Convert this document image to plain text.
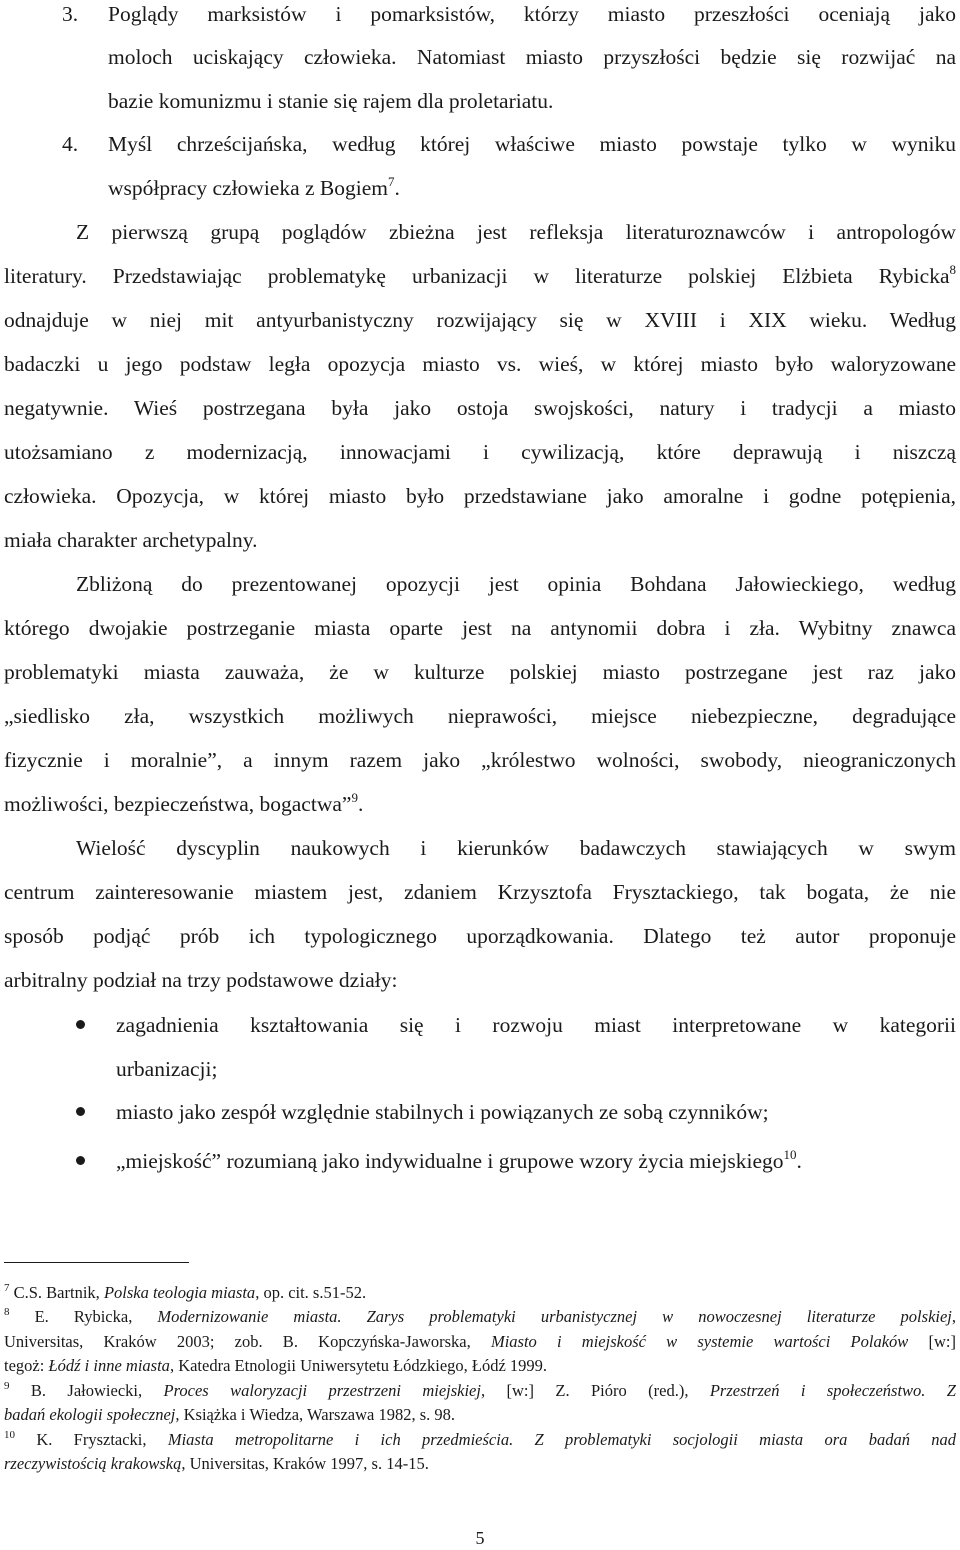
3. Poglądy marksistów i pomarksistów, którzy miasto przeszłości oceniają jako
moloch uciskający człowieka. Natomiast miasto przyszłości będzie się rozwijać na
bazie komunizmu i stanie się rajem dla proletariatu.
4. Myśl chrześcijańska, według której właściwe miasto powstaje tylko w wyniku
współpracy człowieka z Bogiem$^7$.
Z pierwszą grupą poglądów zbieżna jest refleksja literaturoznawców i antropologów
literatury. Przedstawiając problematykę urbanizacji w literaturze polskiej Elżbieta Rybicka$^8$
odnajduje w niej mit antyurbanistyczny rozwijający się w XVIII i XIX wieku. Według
badaczki u jego podstaw legła opozycja miasto vs. wieś, w której miasto było waloryzowane
negatywnie. Wieś postrzegana była jako ostoja swojskości, natury i tradycji a miasto
utożsamiano z modernizacją, innowacjami i cywilizacją, które deprawują i niszczą
człowieka. Opozycja, w której miasto było przedstawiane jako amoralne i godne potępienia,
miała charakter archetypalny.
Zbliżoną do prezentowanej opozycji jest opinia Bohdana Jałowieckiego, według
którego dwojakie postrzeganie miasta oparte jest na antynomii dobra i zła. Wybitny znawca
problematyki miasta zauważa, że w kulturze polskiej miasto postrzegane jest raz jako
„siedlisko zła, wszystkich możliwych nieprawości, miejsce niebezpieczne, degradujące
fizycznie i moralnie”, a innym razem jako „królestwo wolności, swobody, nieograniczonych
możliwości, bezpieczeństwa, bogactwa”$^9$.
Wielość dyscyplin naukowych i kierunków badawczych stawiających w swym
centrum zainteresowanie miastem jest, zdaniem Krzysztofa Frysztackiego, tak bogata, że nie
sposób podjąć prób ich typologicznego uporządkowania. Dlatego też autor proponuje
arbitralny podział na trzy podstawowe działy:
zagadnienia kształtowania się i rozwoju miast interpretowane w kategorii
urbanizacji;
miasto jako zespół względnie stabilnych i powiązanych ze sobą czynników;
„miejskość” rozumianą jako indywidualne i grupowe wzory życia miejskiego$^{10}$.
$^7$ C.S. Bartnik, Polska teologia miasta, op. cit. s.51-52.
$^8$ E. Rybicka, Modernizowanie miasta. Zarys problematyki urbanistycznej w nowoczesnej literaturze polskiej,
Universitas, Kraków 2003; zob. B. Kopczyńska-Jaworska, Miasto i miejskość w systemie wartości Polaków [w:]
tegoż: Łódź i inne miasta, Katedra Etnologii Uniwersytetu Łódzkiego, Łódź 1999.
$^9$ B. Jałowiecki, Proces waloryzacji przestrzeni miejskiej, [w:] Z. Pióro (red.), Przestrzeń i społeczeństwo. Z
badań ekologii społecznej, Książka i Wiedza, Warszawa 1982, s. 98.
$^{10}$ K. Frysztacki, Miasta metropolitarne i ich przedmieścia. Z problematyki socjologii miasta ora badań nad
rzeczywistością krakowską, Universitas, Kraków 1997, s. 14-15.
5
